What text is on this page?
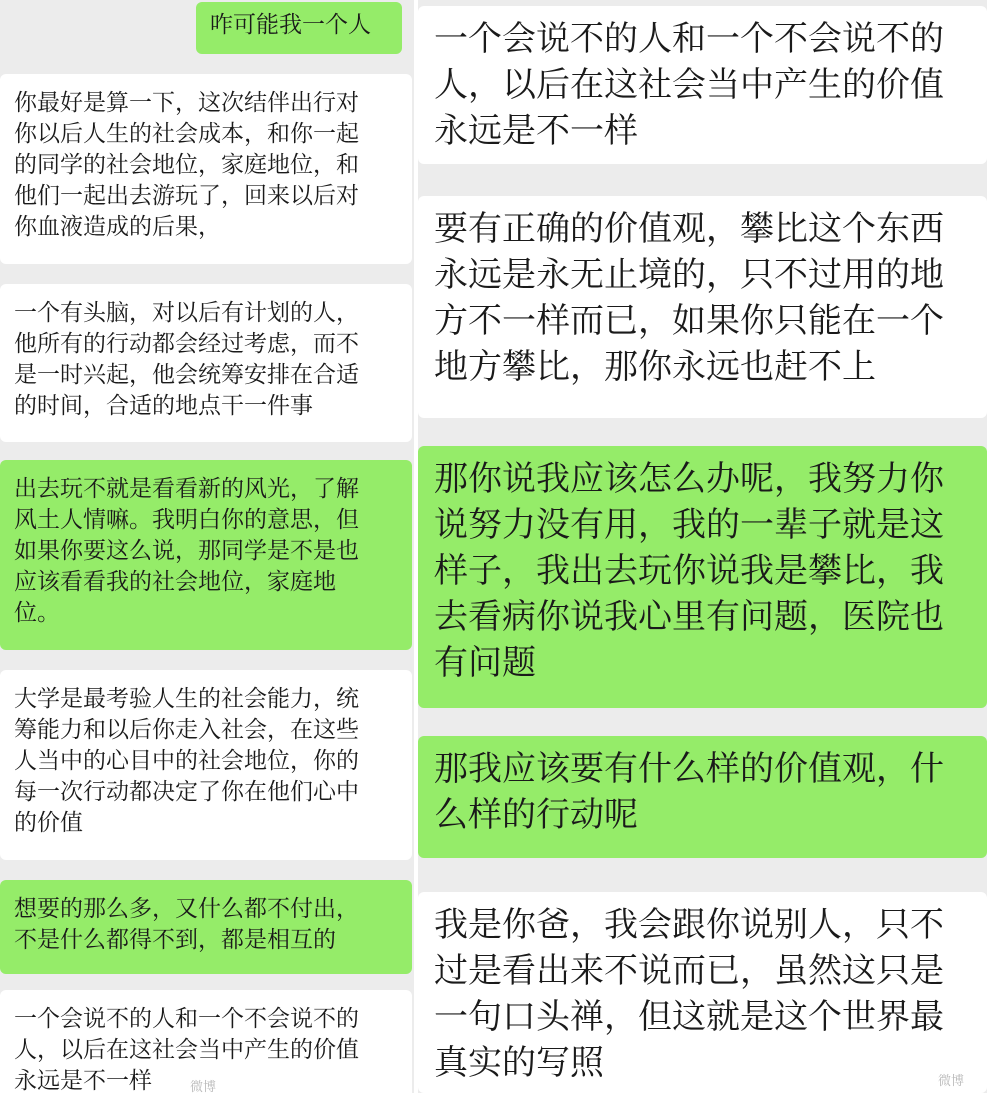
咋可能我一个人
你最好是算一下，这次结伴出行对
你以后人生的社会成本，和你一起
的同学的社会地位，家庭地位，和
他们一起出去游玩了，回来以后对
你血液造成的后果，
一个有头脑，对以后有计划的人，
他所有的行动都会经过考虑，而不
是一时兴起，他会统筹安排在合适
的时间，合适的地点干一件事
出去玩不就是看看新的风光，了解
风土人情嘛。我明白你的意思，但
如果你要这么说，那同学是不是也
应该看看我的社会地位，家庭地
位。
大学是最考验人生的社会能力，统
筹能力和以后你走入社会，在这些
人当中的心目中的社会地位，你的
每一次行动都决定了你在他们心中
的价值
想要的那么多，又什么都不付出，
不是什么都得不到，都是相互的
一个会说不的人和一个不会说不的
人，以后在这社会当中产生的价值
永远是不一样	微博
一个会说不的人和一个不会说不的
人，以后在这社会当中产生的价值
永远是不一样
要有正确的价值观，攀比这个东西
永远是永无止境的，只不过用的地
方不一样而已，如果你只能在一个
地方攀比，那你永远也赶不上
那你说我应该怎么办呢，我努力你
说努力没有用，我的一辈子就是这
样子，我出去玩你说我是攀比，我
去看病你说我心里有问题，医院也
有问题
那我应该要有什么样的价值观，什
么样的行动呢
我是你爸，我会跟你说别人，只不
过是看出来不说而已，虽然这只是
一句口头禅，但这就是这个世界最
真实的写照	微博
